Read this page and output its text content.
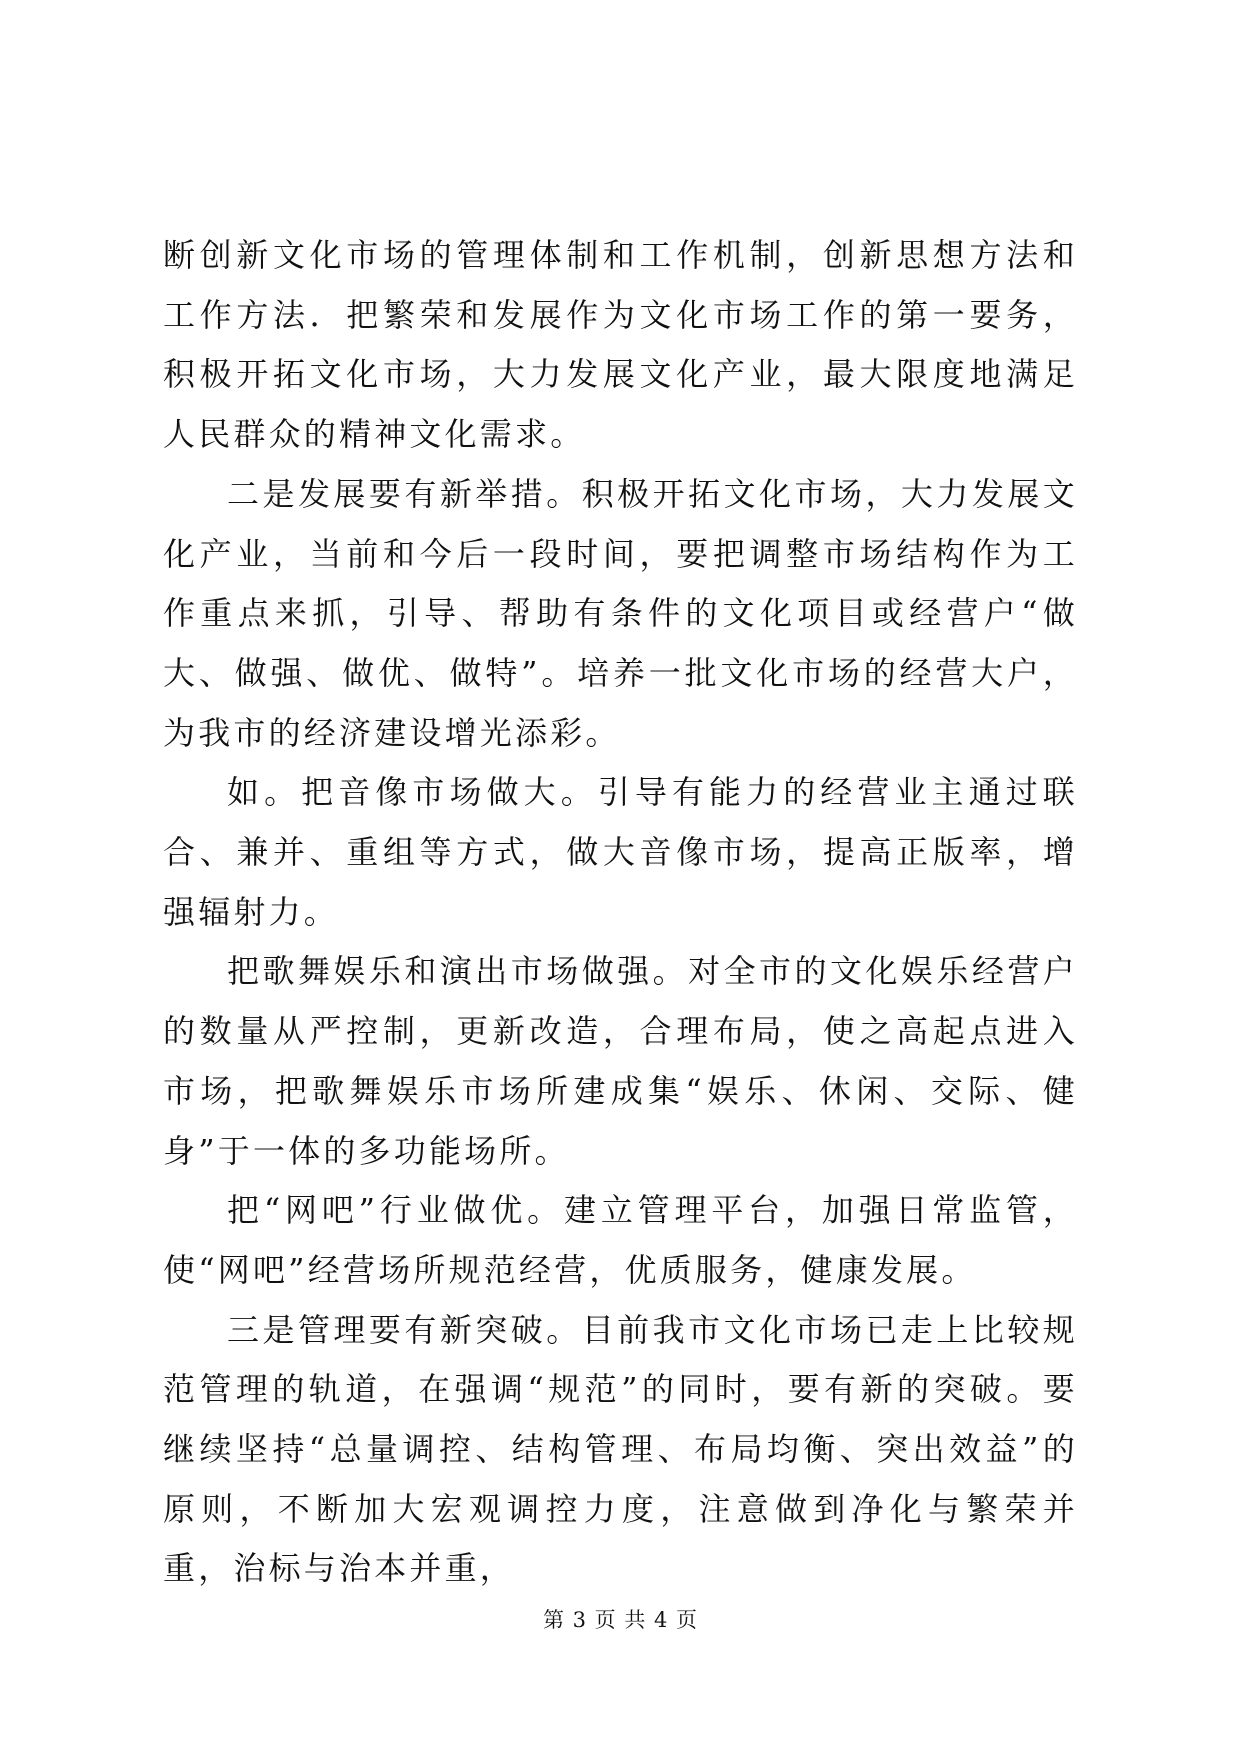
断创新文化市场的管理体制和工作机制，创新思想方法和工作方法．把繁荣和发展作为文化市场工作的第一要务，积极开拓文化市场，大力发展文化产业，最大限度地满足人民群众的精神文化需求。

二是发展要有新举措。积极开拓文化市场，大力发展文化产业，当前和今后一段时间，要把调整市场结构作为工作重点来抓，引导、帮助有条件的文化项目或经营户“做大、做强、做优、做特”。培养一批文化市场的经营大户，为我市的经济建设增光添彩。

如。把音像市场做大。引导有能力的经营业主通过联合、兼并、重组等方式，做大音像市场，提高正版率，增强辐射力。

把歌舞娱乐和演出市场做强。对全市的文化娱乐经营户的数量从严控制，更新改造，合理布局，使之高起点进入市场，把歌舞娱乐市场所建成集“娱乐、休闲、交际、健身”于一体的多功能场所。

把“网吧”行业做优。建立管理平台，加强日常监管，使“网吧”经营场所规范经营，优质服务，健康发展。

三是管理要有新突破。目前我市文化市场已走上比较规范管理的轨道，在强调“规范”的同时，要有新的突破。要继续坚持“总量调控、结构管理、布局均衡、突出效益”的原则，不断加大宏观调控力度，注意做到净化与繁荣并重，治标与治本并重，

第 3 页 共 4 页
